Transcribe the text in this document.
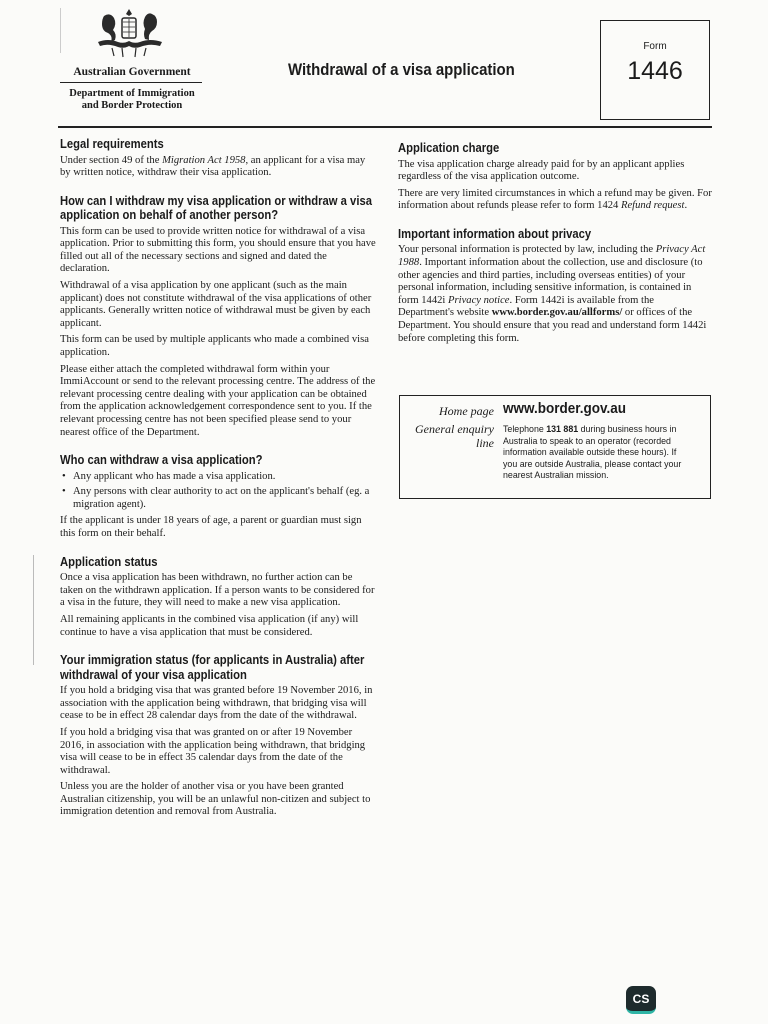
Australian Government
Department of Immigration and Border Protection
Withdrawal of a visa application
Form
1446
Legal requirements

Under section 49 of the Migration Act 1958, an applicant for a visa may by written notice, withdraw their visa application.

How can I withdraw my visa application or withdraw a visa application on behalf of another person?

This form can be used to provide written notice for withdrawal of a visa application. Prior to submitting this form, you should ensure that you have filled out all of the necessary sections and signed and dated the declaration.

Withdrawal of a visa application by one applicant (such as the main applicant) does not constitute withdrawal of the visa applications of other applicants. Generally written notice of withdrawal must be given by each applicant.

This form can be used by multiple applicants who made a combined visa application.

Please either attach the completed withdrawal form within your ImmiAccount or send to the relevant processing centre. The address of the relevant processing centre dealing with your application can be obtained from the application acknowledgement correspondence sent to you. If the relevant processing centre has not been specified please send to your nearest office of the Department.

Who can withdraw a visa application?
• Any applicant who has made a visa application.
• Any persons with clear authority to act on the applicant's behalf (eg. a migration agent).

If the applicant is under 18 years of age, a parent or guardian must sign this form on their behalf.

Application status

Once a visa application has been withdrawn, no further action can be taken on the withdrawn application. If a person wants to be considered for a visa in the future, they will need to make a new visa application.

All remaining applicants in the combined visa application (if any) will continue to have a visa application that must be considered.

Your immigration status (for applicants in Australia) after withdrawal of your visa application

If you hold a bridging visa that was granted before 19 November 2016, in association with the application being withdrawn, that bridging visa will cease to be in effect 28 calendar days from the date of the withdrawal.

If you hold a bridging visa that was granted on or after 19 November 2016, in association with the application being withdrawn, that bridging visa will cease to be in effect 35 calendar days from the date of the withdrawal.

Unless you are the holder of another visa or you have been granted Australian citizenship, you will be an unlawful non-citizen and subject to immigration detention and removal from Australia.

Application charge

The visa application charge already paid for by an applicant applies regardless of the visa application outcome.

There are very limited circumstances in which a refund may be given. For information about refunds please refer to form 1424 Refund request.

Important information about privacy

Your personal information is protected by law, including the Privacy Act 1988. Important information about the collection, use and disclosure (to other agencies and third parties, including overseas entities) of your personal information, including sensitive information, is contained in form 1442i Privacy notice. Form 1442i is available from the Department's website www.border.gov.au/allforms/ or offices of the Department. You should ensure that you read and understand form 1442i before completing this form.

Home page www.border.gov.au
General enquiry line
Telephone 131 881 during business hours in Australia to speak to an operator (recorded information available outside these hours). If you are outside Australia, please contact your nearest Australian mission.
CS
